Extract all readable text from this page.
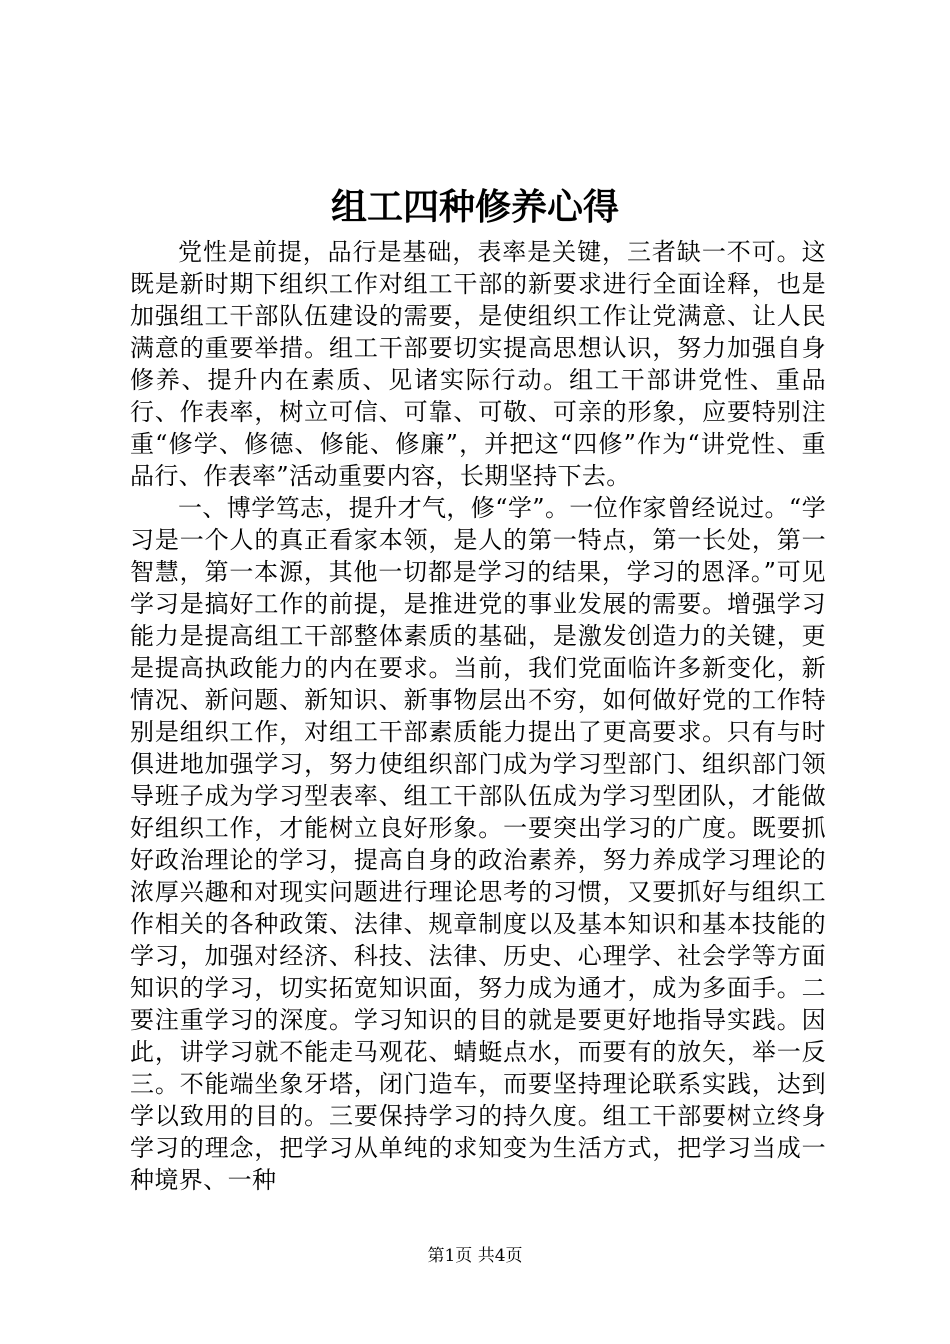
组工四种修养心得

党性是前提，品行是基础，表率是关键，三者缺一不可。这既是新时期下组织工作对组工干部的新要求进行全面诠释，也是加强组工干部队伍建设的需要，是使组织工作让党满意、让人民满意的重要举措。组工干部要切实提高思想认识，努力加强自身修养、提升内在素质、见诸实际行动。组工干部讲党性、重品行、作表率，树立可信、可靠、可敬、可亲的形象，应要特别注重“修学、修德、修能、修廉”，并把这“四修”作为“讲党性、重品行、作表率”活动重要内容，长期坚持下去。

一、博学笃志，提升才气，修“学”。一位作家曾经说过。“学习是一个人的真正看家本领，是人的第一特点，第一长处，第一智慧，第一本源，其他一切都是学习的结果，学习的恩泽。”可见学习是搞好工作的前提，是推进党的事业发展的需要。增强学习能力是提高组工干部整体素质的基础，是激发创造力的关键，更是提高执政能力的内在要求。当前，我们党面临许多新变化，新情况、新问题、新知识、新事物层出不穷，如何做好党的工作特别是组织工作，对组工干部素质能力提出了更高要求。只有与时俱进地加强学习，努力使组织部门成为学习型部门、组织部门领导班子成为学习型表率、组工干部队伍成为学习型团队，才能做好组织工作，才能树立良好形象。一要突出学习的广度。既要抓好政治理论的学习，提高自身的政治素养，努力养成学习理论的浓厚兴趣和对现实问题进行理论思考的习惯，又要抓好与组织工作相关的各种政策、法律、规章制度以及基本知识和基本技能的学习，加强对经济、科技、法律、历史、心理学、社会学等方面知识的学习，切实拓宽知识面，努力成为通才，成为多面手。二要注重学习的深度。学习知识的目的就是要更好地指导实践。因此，讲学习就不能走马观花、蜻蜓点水，而要有的放矢，举一反三。不能端坐象牙塔，闭门造车，而要坚持理论联系实践，达到学以致用的目的。三要保持学习的持久度。组工干部要树立终身学习的理念，把学习从单纯的求知变为生活方式，把学习当成一种境界、一种

第1页 共4页
